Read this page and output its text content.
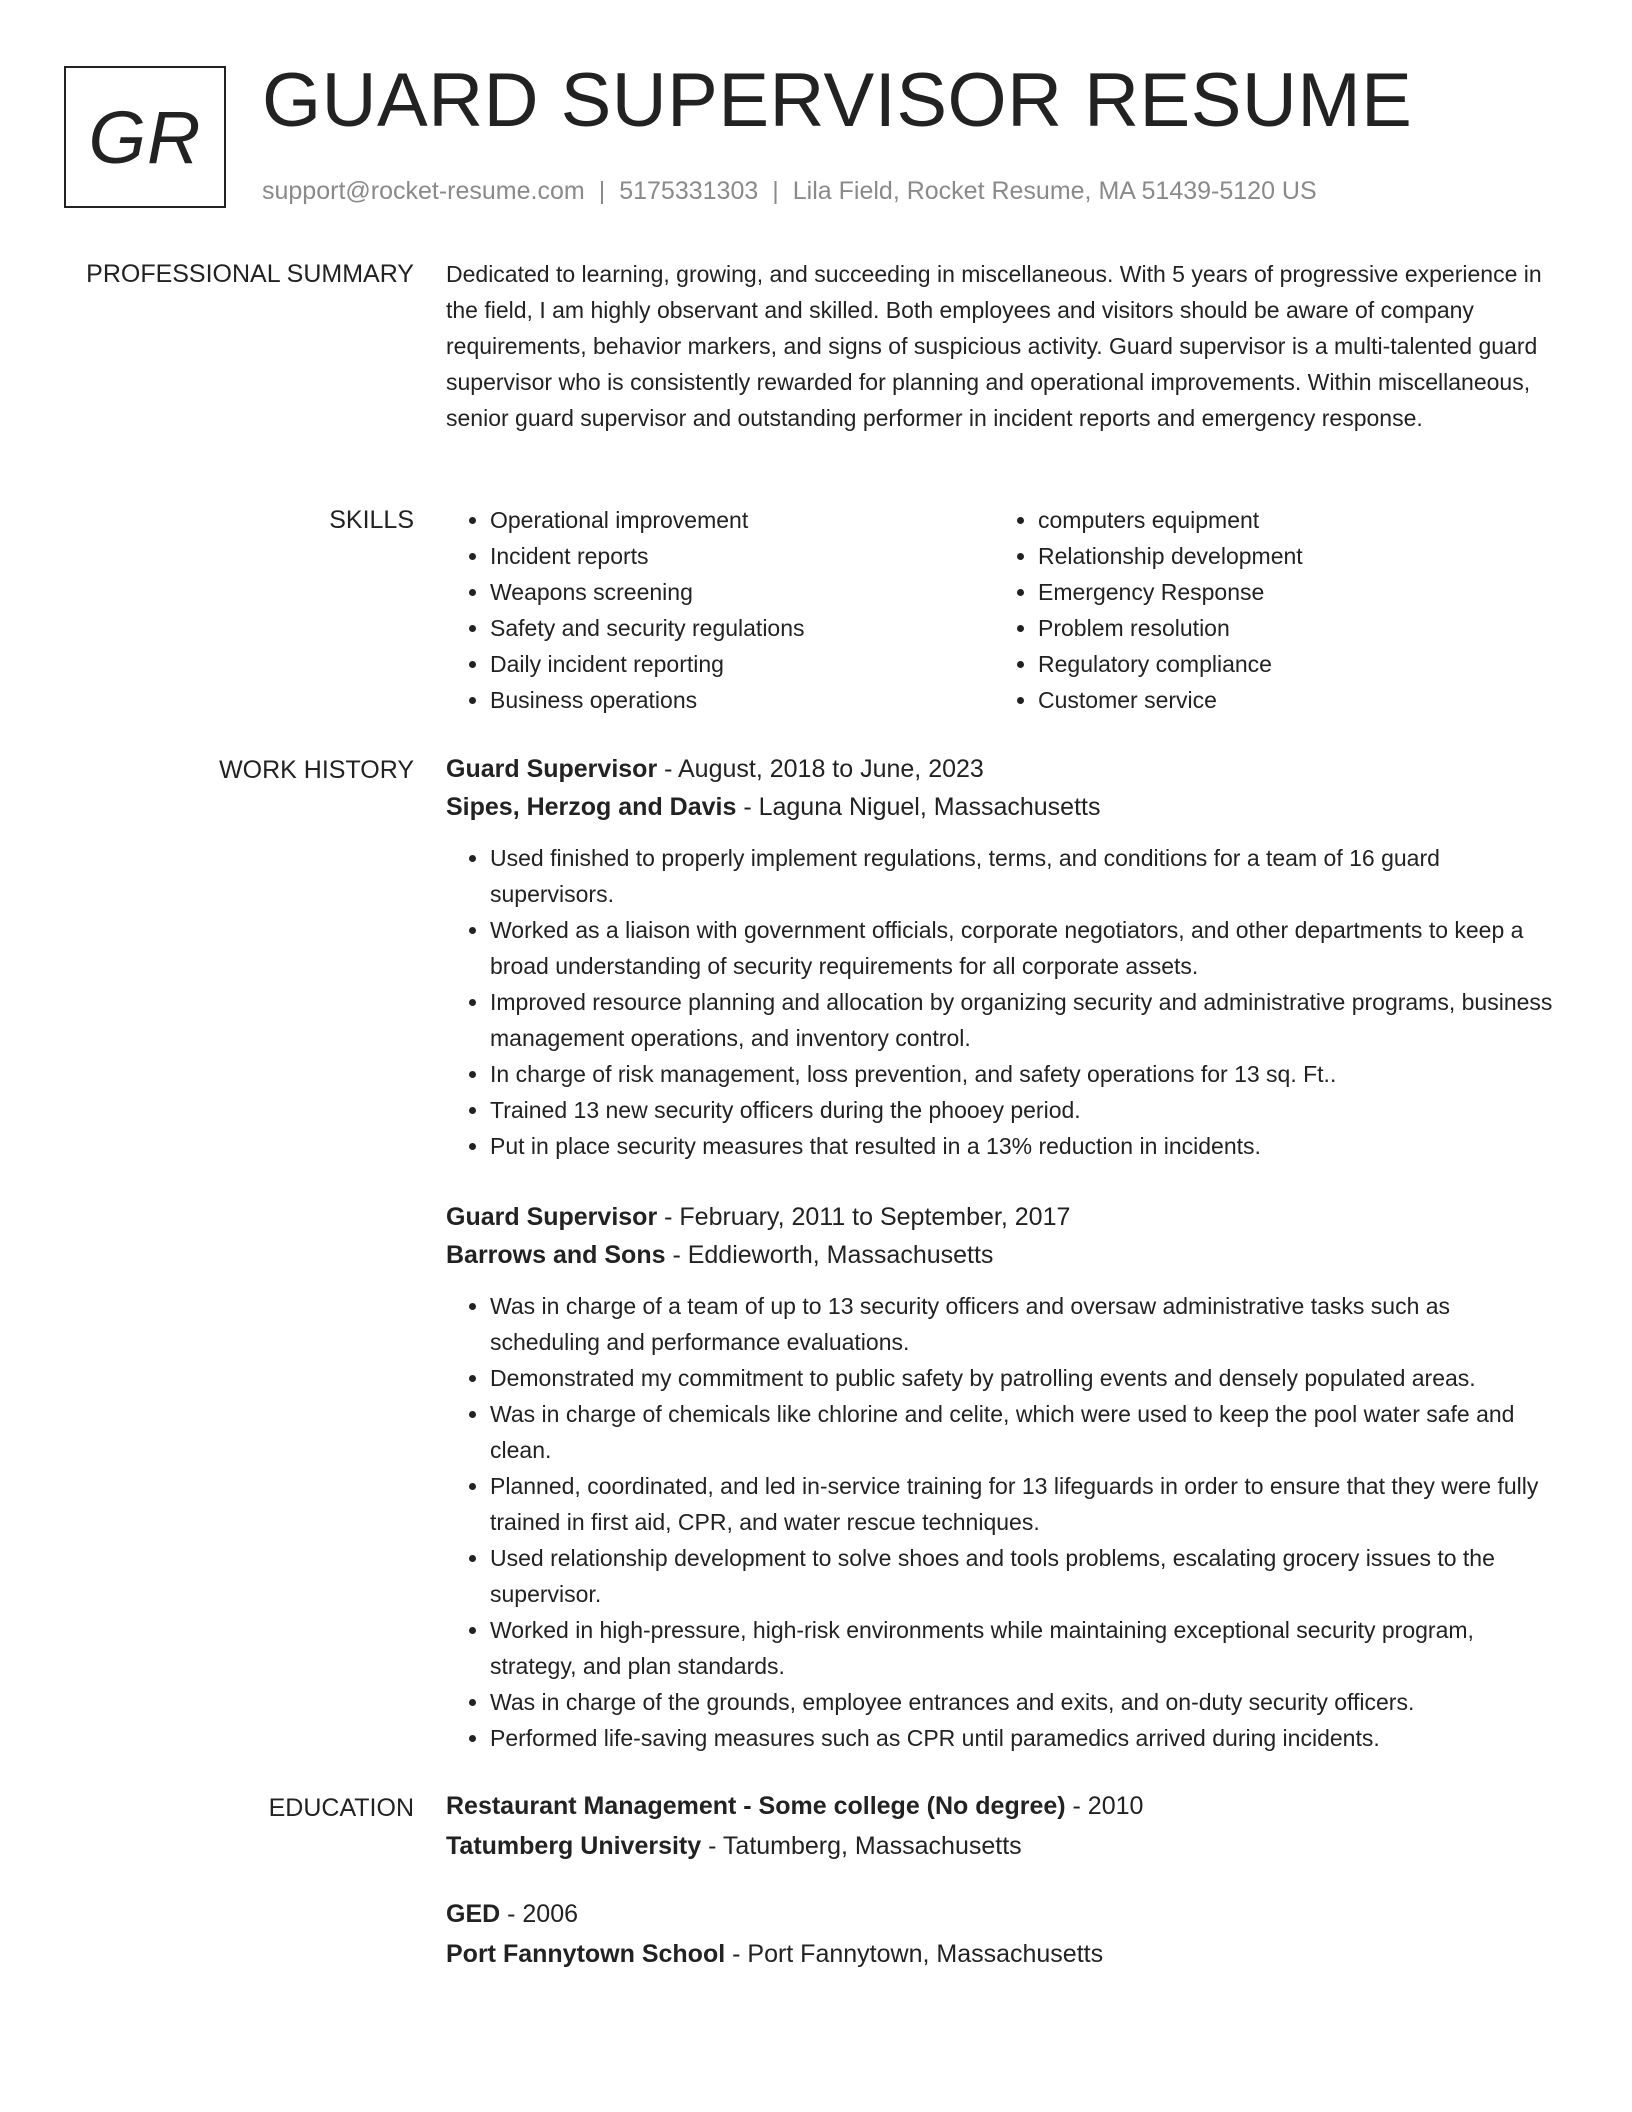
GR GUARD SUPERVISOR RESUME
support@rocket-resume.com | 5175331303 | Lila Field, Rocket Resume, MA 51439-5120 US
PROFESSIONAL SUMMARY Dedicated to learning, growing, and succeeding in miscellaneous. With 5 years of progressive experience in the field, I am highly observant and skilled. Both employees and visitors should be aware of company requirements, behavior markers, and signs of suspicious activity. Guard supervisor is a multi-talented guard supervisor who is consistently rewarded for planning and operational improvements. Within miscellaneous, senior guard supervisor and outstanding performer in incident reports and emergency response.

SKILLS
•	Operational improvement
• Incident reports
• Weapons screening
• Safety and security regulations
• Daily incident reporting
• Business operations
• computers equipment
• Relationship development
• Emergency Response
• Problem resolution
• Regulatory compliance
• Customer service
WORK HISTORY Guard Supervisor - August, 2018 to June, 2023
Sipes, Herzog and Davis - Laguna Niguel, Massachusetts
• Used finished to properly implement regulations, terms, and conditions for a team of 16 guard supervisors.
• Worked as a liaison with government officials, corporate negotiators, and other departments to keep a broad understanding of security requirements for all corporate assets.
• Improved resource planning and allocation by organizing security and administrative programs, business management operations, and inventory control.
• In charge of risk management, loss prevention, and safety operations for 13 sq. Ft..
• Trained 13 new security officers during the phooey period.
• Put in place security measures that resulted in a 13% reduction in incidents.
Guard Supervisor - February, 2011 to September, 2017
Barrows and Sons - Eddieworth, Massachusetts
• Was in charge of a team of up to 13 security officers and oversaw administrative tasks such as scheduling and performance evaluations.
• Demonstrated my commitment to public safety by patrolling events and densely populated areas.
• Was in charge of chemicals like chlorine and celite, which were used to keep the pool water safe and clean.
• Planned, coordinated, and led in-service training for 13 lifeguards in order to ensure that they were fully trained in first aid, CPR, and water rescue techniques.
• Used relationship development to solve shoes and tools problems, escalating grocery issues to the supervisor.
• Worked in high-pressure, high-risk environments while maintaining exceptional security program, strategy, and plan standards.
• Was in charge of the grounds, employee entrances and exits, and on-duty security officers.
• Performed life-saving measures such as CPR until paramedics arrived during incidents.
EDUCATION Restaurant Management - Some college (No degree) - 2010
Tatumberg University - Tatumberg, Massachusetts
GED - 2006
Port Fannytown School - Port Fannytown, Massachusetts
